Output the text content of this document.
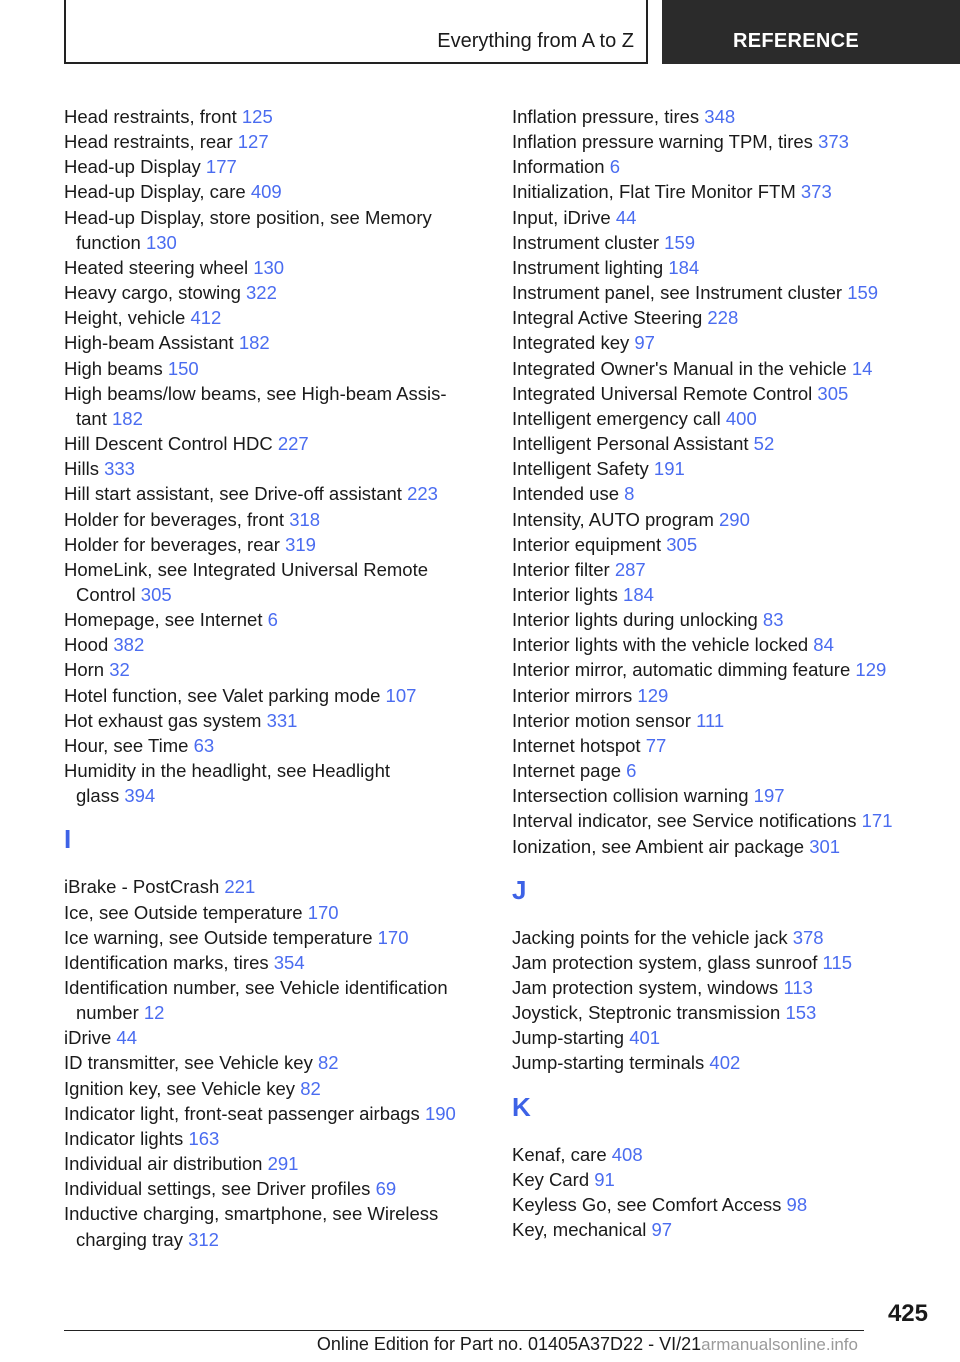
Everything from A to Z	REFERENCE
Head restraints, front 125
Head restraints, rear 127
Head-up Display 177
Head-up Display, care 409
Head-up Display, store position, see Memory
function 130
Heated steering wheel 130
Heavy cargo, stowing 322
Height, vehicle 412
High-beam Assistant 182
High beams 150
High beams/low beams, see High-beam Assis-
tant 182
Hill Descent Control HDC 227
Hills 333
Hill start assistant, see Drive-off assistant 223
Holder for beverages, front 318
Holder for beverages, rear 319
HomeLink, see Integrated Universal Remote
Control 305
Homepage, see Internet 6
Hood 382
Horn 32
Hotel function, see Valet parking mode 107
Hot exhaust gas system 331
Hour, see Time 63
Humidity in the headlight, see Headlight
glass 394
I
iBrake - PostCrash 221
Ice, see Outside temperature 170
Ice warning, see Outside temperature 170
Identification marks, tires 354
Identification number, see Vehicle identification
number 12
iDrive 44
ID transmitter, see Vehicle key 82
Ignition key, see Vehicle key 82
Indicator light, front-seat passenger airbags 190
Indicator lights 163
Individual air distribution 291
Individual settings, see Driver profiles 69
Inductive charging, smartphone, see Wireless
charging tray 312
Inflation pressure, tires 348
Inflation pressure warning TPM, tires 373
Information 6
Initialization, Flat Tire Monitor FTM 373
Input, iDrive 44
Instrument cluster 159
Instrument lighting 184
Instrument panel, see Instrument cluster 159
Integral Active Steering 228
Integrated key 97
Integrated Owner's Manual in the vehicle 14
Integrated Universal Remote Control 305
Intelligent emergency call 400
Intelligent Personal Assistant 52
Intelligent Safety 191
Intended use 8
Intensity, AUTO program 290
Interior equipment 305
Interior filter 287
Interior lights 184
Interior lights during unlocking 83
Interior lights with the vehicle locked 84
Interior mirror, automatic dimming feature 129
Interior mirrors 129
Interior motion sensor 111
Internet hotspot 77
Internet page 6
Intersection collision warning 197
Interval indicator, see Service notifications 171
Ionization, see Ambient air package 301
J
Jacking points for the vehicle jack 378
Jam protection system, glass sunroof 115
Jam protection system, windows 113
Joystick, Steptronic transmission 153
Jump-starting 401
Jump-starting terminals 402
K
Kenaf, care 408
Key Card 91
Keyless Go, see Comfort Access 98
Key, mechanical 97
425
Online Edition for Part no. 01405A37D22 - VI/21armanualsonline.info
